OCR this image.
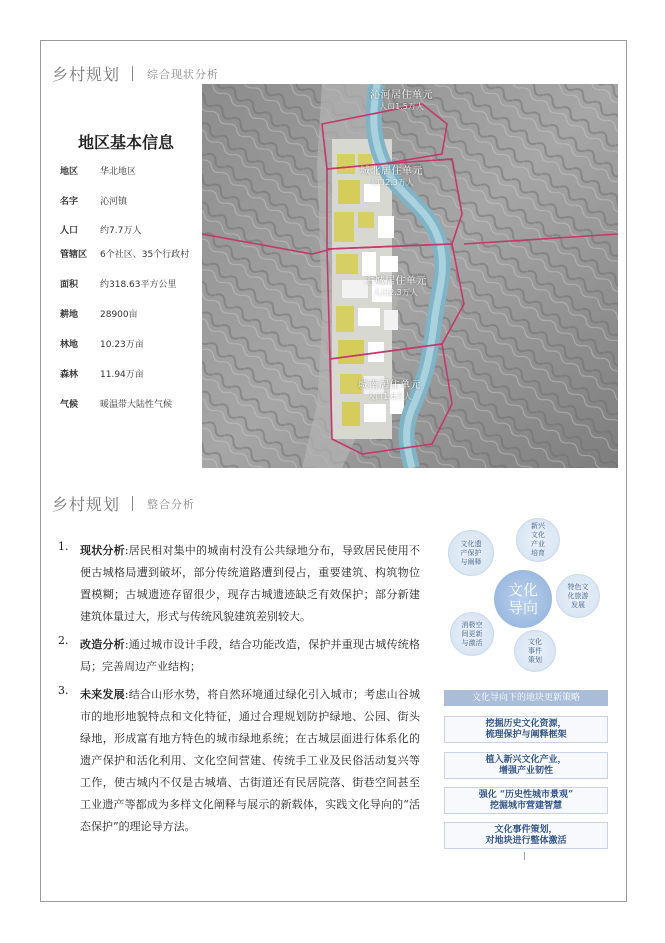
乡村规划 综合现状分析
地区基本信息
地区	华北地区
名字	沁河镇
人口	约7.7万人
管辖区	6个社区、35个行政村
面积	约318.63平方公里
耕地	28900亩
林地	10.23万亩
森林	11.94万亩
气候	暖温带大陆性气候
沁河居住单元
人口1.5万人
城北居住单元
人口2.3万人
主城居住单元
人口2.3万人
城南居住单元
人口1.6万人
乡村规划 整合分析
1. 现状分析:居民相对集中的城南村没有公共绿地分布，导致居民使用不便古城格局遭到破坏，部分传统道路遭到侵占，重要建筑、构筑物位置模糊；古城遗迹存留很少，现存古城遗迹缺乏有效保护；部分新建建筑体量过大，形式与传统风貌建筑差别较大。
2. 改造分析:通过城市设计手段，结合功能改造，保护并重现古城传统格局；完善周边产业结构；
3. 未来发展:结合山形水势，将自然环境通过绿化引入城市；考虑山谷城市的地形地貌特点和文化特征，通过合理规划防护绿地、公园、街头绿地，形成富有地方特色的城市绿地系统；在古城层面进行体系化的遗产保护和活化利用、文化空间营建、传统手工业及民俗活动复兴等工作，使古城内不仅是古城墙、古街道还有民居院落、街巷空间甚至工业遗产等都成为多样文化阐释与展示的新载体，实践文化导向的“活态保护”的理论导方法。
文化遗
产保护
与阐释
新兴
文化
产业
培育
特色文
化旅游
发展
文化
事件
策划
消极空
间更新
与激活
文化
导向
文化导向下的地块更新策略
挖掘历史文化资源，
梳理保护与阐释框架
植入新兴文化产业，
增强产业韧性
强化 “历史性城市景观”
挖掘城市营建智慧
文化事件策划，
对地块进行整体激活
